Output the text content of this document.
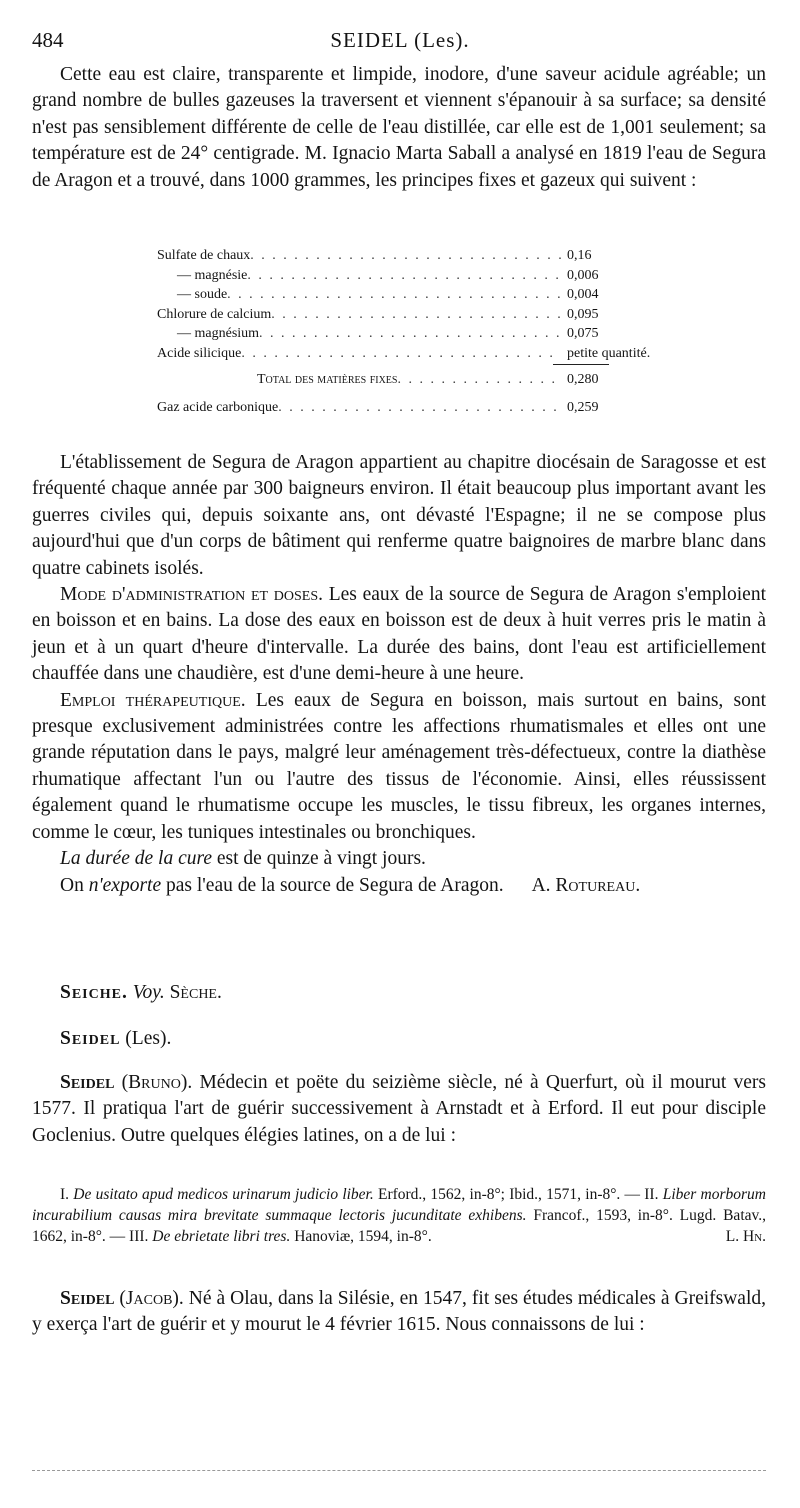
484	SEIDEL (Les).

Cette eau est claire, transparente et limpide, inodore, d'une saveur acidule agréable; un grand nombre de bulles gazeuses la traversent et viennent s'épanouir à sa surface; sa densité n'est pas sensiblement différente de celle de l'eau distillée, car elle est de 1,001 seulement; sa température est de 24° centigrade. M. Ignacio Marta Saball a analysé en 1819 l'eau de Segura de Aragon et a trouvé, dans 1000 grammes, les principes fixes et gazeux qui suivent :

Sulfate de chaux . . .	0,16
— magnésie . . .	0,006
— soude . . .	0,004
Chlorure de calcium . . .	0,095
— magnésium . . .	0,075
Acide silicique . . .	petite quantité.
Total des matières fixes . . .	0,280
Gaz acide carbonique . . .	0,259

L'établissement de Segura de Aragon appartient au chapitre diocésain de Saragosse et est fréquenté chaque année par 300 baigneurs environ. Il était beaucoup plus important avant les guerres civiles qui, depuis soixante ans, ont dévasté l'Espagne; il ne se compose plus aujourd'hui que d'un corps de bâtiment qui renferme quatre baignoires de marbre blanc dans quatre cabinets isolés.

Mode d'administration et doses. Les eaux de la source de Segura de Aragon s'emploient en boisson et en bains. La dose des eaux en boisson est de deux à huit verres pris le matin à jeun et à un quart d'heure d'intervalle. La durée des bains, dont l'eau est artificiellement chauffée dans une chaudière, est d'une demi-heure à une heure.

Emploi thérapeutique. Les eaux de Segura en boisson, mais surtout en bains, sont presque exclusivement administrées contre les affections rhumatismales et elles ont une grande réputation dans le pays, malgré leur aménagement très-défectueux, contre la diathèse rhumatique affectant l'un ou l'autre des tissus de l'économie. Ainsi, elles réussissent également quand le rhumatisme occupe les muscles, le tissu fibreux, les organes internes, comme le cœur, les tuniques intestinales ou bronchiques.

La durée de la cure est de quinze à vingt jours.

On n'exporte pas l'eau de la source de Segura de Aragon. A. Rotureau.

Seiche. Voy. Sèche.
Seidel (Les).

Seidel (Bruno). Médecin et poëte du seizième siècle, né à Querfurt, où il mourut vers 1577. Il pratiqua l'art de guérir successivement à Arnstadt et à Erford. Il eut pour disciple Goclenius. Outre quelques élégies latines, on a de lui :

I. De usitato apud medicos urinarum judicio liber. Erford., 1562, in-8°; Ibid., 1571, in-8°. — II. Liber morborum incurabilium causas mira brevitate summaque lectoris jucunditate exhibens. Francof., 1593, in-8°. Lugd. Batav., 1662, in-8°. — III. De ebrietate libri tres. Hanoviæ, 1594, in-8°.	L. Hn.

Seidel (Jacob). Né à Olau, dans la Silésie, en 1547, fit ses études médicales à Greifswald, y exerça l'art de guérir et y mourut le 4 février 1615. Nous connaissons de lui :
